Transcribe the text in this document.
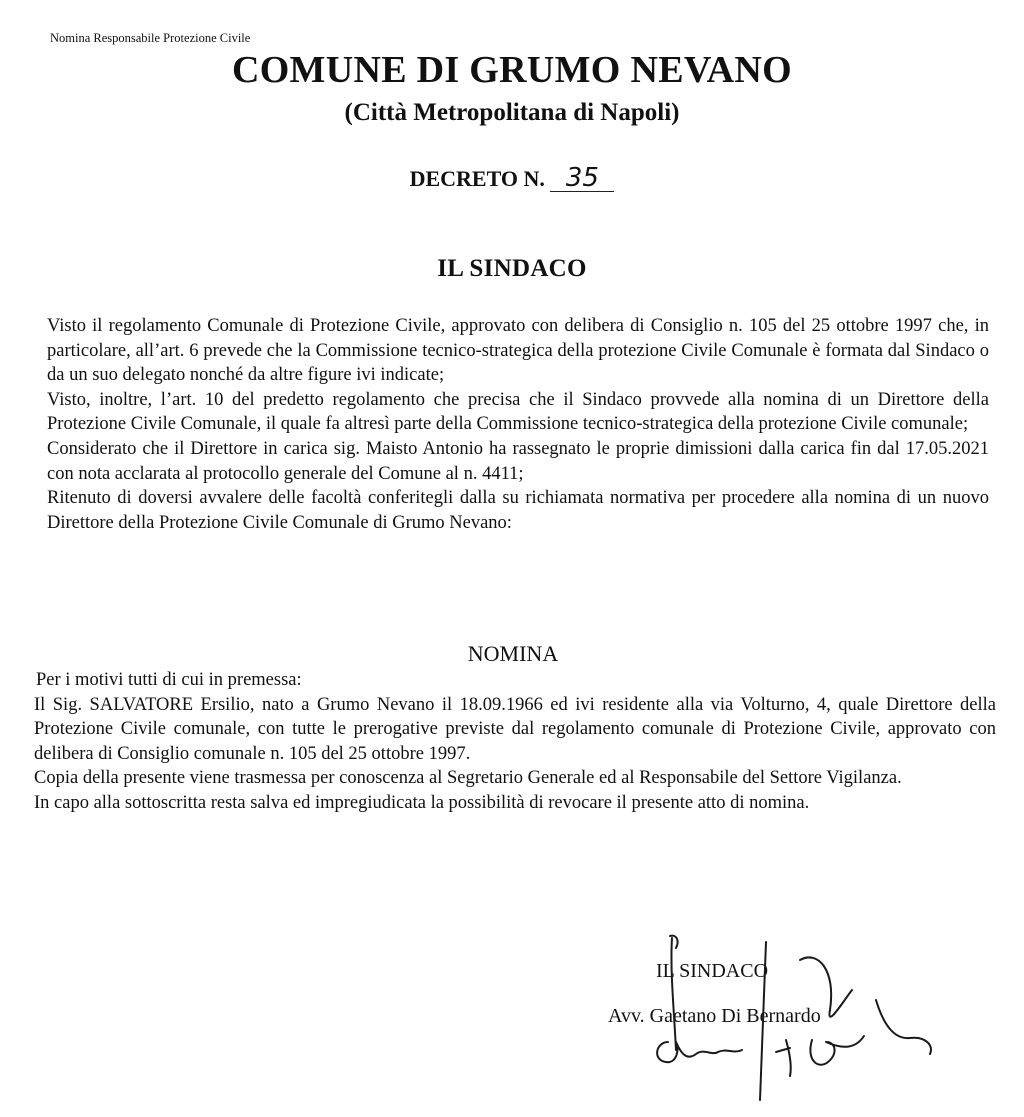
Nomina Responsabile Protezione Civile
COMUNE DI GRUMO NEVANO
(Città Metropolitana di Napoli)
DECRETO N. 35
IL SINDACO

Visto il regolamento Comunale di Protezione Civile, approvato con delibera di Consiglio n. 105 del 25 ottobre 1997 che, in particolare, all’art. 6 prevede che la Commissione tecnico-strategica della protezione Civile Comunale è formata dal Sindaco o da un suo delegato nonché da altre figure ivi indicate;

Visto, inoltre, l’art. 10 del predetto regolamento che precisa che il Sindaco provvede alla nomina di un Direttore della Protezione Civile Comunale, il quale fa altresì parte della Commissione tecnico-strategica della protezione Civile comunale;

Considerato che il Direttore in carica sig. Maisto Antonio ha rassegnato le proprie dimissioni dalla carica fin dal 17.05.2021 con nota acclarata al protocollo generale del Comune al n. 4411;

Ritenuto di doversi avvalere delle facoltà conferitegli dalla su richiamata normativa per procedere alla nomina di un nuovo Direttore della Protezione Civile Comunale di Grumo Nevano:

NOMINA

Per i motivi tutti di cui in premessa:

Il Sig. SALVATORE Ersilio, nato a Grumo Nevano il 18.09.1966 ed ivi residente alla via Volturno, 4, quale Direttore della Protezione Civile comunale, con tutte le prerogative previste dal regolamento comunale di Protezione Civile, approvato con delibera di Consiglio comunale n. 105 del 25 ottobre 1997.

Copia della presente viene trasmessa per conoscenza al Segretario Generale ed al Responsabile del Settore Vigilanza.

In capo alla sottoscritta resta salva ed impregiudicata la possibilità di revocare il presente atto di nomina.

IL SINDACO
Avv. Gaetano Di Bernardo
